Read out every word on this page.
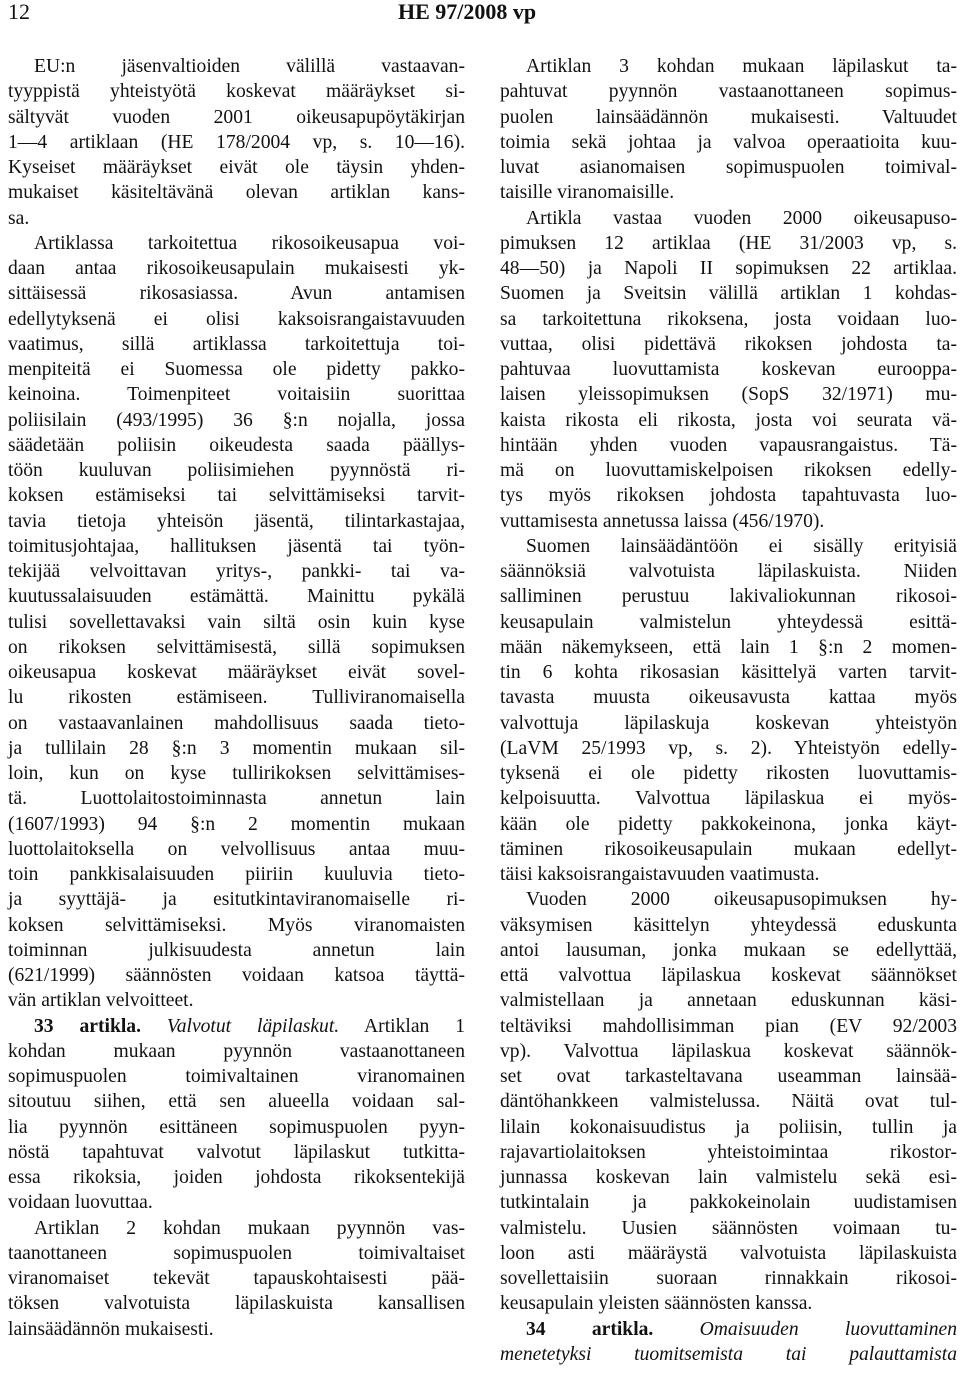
12	HE 97/2008 vp
EU:n jäsenvaltioiden välillä vastaavan-
tyyppistä yhteistyötä koskevat määräykset si-
sältyvät vuoden 2001 oikeusapupöytäkirjan
1—4 artiklaan (HE 178/2004 vp, s. 10—16).
Kyseiset määräykset eivät ole täysin yhden-
mukaiset käsiteltävänä olevan artiklan kans-
sa.
Artiklassa tarkoitettua rikosoikeusapua voi-
daan antaa rikosoikeusapulain mukaisesti yk-
sittäisessä rikosasiassa. Avun antamisen
edellytyksenä ei olisi kaksoisrangaistavuuden
vaatimus, sillä artiklassa tarkoitettuja toi-
menpiteitä ei Suomessa ole pidetty pakko-
keinoina. Toimenpiteet voitaisiin suorittaa
poliisilain (493/1995) 36 §:n nojalla, jossa
säädetään poliisin oikeudesta saada päällys-
töön kuuluvan poliisimiehen pyynnöstä ri-
koksen estämiseksi tai selvittämiseksi tarvit-
tavia tietoja yhteisön jäsentä, tilintarkastajaa,
toimitusjohtajaa, hallituksen jäsentä tai työn-
tekijää velvoittavan yritys-, pankki- tai va-
kuutussalaisuuden estämättä. Mainittu pykälä
tulisi sovellettavaksi vain siltä osin kuin kyse
on rikoksen selvittämisestä, sillä sopimuksen
oikeusapua koskevat määräykset eivät sovel-
lu rikosten estämiseen. Tulliviranomaisella
on vastaavanlainen mahdollisuus saada tieto-
ja tullilain 28 §:n 3 momentin mukaan sil-
loin, kun on kyse tullirikoksen selvittämises-
tä. Luottolaitostoiminnasta annetun lain
(1607/1993) 94 §:n 2 momentin mukaan
luottolaitoksella on velvollisuus antaa muu-
toin pankkisalaisuuden piiriin kuuluvia tieto-
ja syyttäjä- ja esitutkintaviranomaiselle ri-
koksen selvittämiseksi. Myös viranomaisten
toiminnan julkisuudesta annetun lain
(621/1999) säännösten voidaan katsoa täyttä-
vän artiklan velvoitteet.
33 artikla. Valvotut läpilaskut. Artiklan 1
kohdan mukaan pyynnön vastaanottaneen
sopimuspuolen toimivaltainen viranomainen
sitoutuu siihen, että sen alueella voidaan sal-
lia pyynnön esittäneen sopimuspuolen pyyn-
nöstä tapahtuvat valvotut läpilaskut tutkitta-
essa rikoksia, joiden johdosta rikoksentekijä
voidaan luovuttaa.
Artiklan 2 kohdan mukaan pyynnön vas-
taanottaneen sopimuspuolen toimivaltaiset
viranomaiset tekevät tapauskohtaisesti pää-
töksen valvotuista läpilaskuista kansallisen
lainsäädännön mukaisesti.
Artiklan 3 kohdan mukaan läpilaskut ta-
pahtuvat pyynnön vastaanottaneen sopimus-
puolen lainsäädännön mukaisesti. Valtuudet
toimia sekä johtaa ja valvoa operaatioita kuu-
luvat asianomaisen sopimuspuolen toimival-
taisille viranomaisille.
Artikla vastaa vuoden 2000 oikeusapuso-
pimuksen 12 artiklaa (HE 31/2003 vp, s.
48—50) ja Napoli II sopimuksen 22 artiklaa.
Suomen ja Sveitsin välillä artiklan 1 kohdas-
sa tarkoitettuna rikoksena, josta voidaan luo-
vuttaa, olisi pidettävä rikoksen johdosta ta-
pahtuvaa luovuttamista koskevan eurooppa-
laisen yleissopimuksen (SopS 32/1971) mu-
kaista rikosta eli rikosta, josta voi seurata vä-
hintään yhden vuoden vapausrangaistus. Tä-
mä on luovuttamiskelpoisen rikoksen edelly-
tys myös rikoksen johdosta tapahtuvasta luo-
vuttamisesta annetussa laissa (456/1970).
Suomen lainsäädäntöön ei sisälly erityisiä
säännöksiä valvotuista läpilaskuista. Niiden
salliminen perustuu lakivaliokunnan rikosoi-
keusapulain valmistelun yhteydessä esittä-
mään näkemykseen, että lain 1 §:n 2 momen-
tin 6 kohta rikosasian käsittelyä varten tarvit-
tavasta muusta oikeusavusta kattaa myös
valvottuja läpilaskuja koskevan yhteistyön
(LaVM 25/1993 vp, s. 2). Yhteistyön edelly-
tyksenä ei ole pidetty rikosten luovuttamis-
kelpoisuutta. Valvottua läpilaskua ei myös-
kään ole pidetty pakkokeinona, jonka käyt-
täminen rikosoikeusapulain mukaan edellyt-
täisi kaksoisrangaistavuuden vaatimusta.
Vuoden 2000 oikeusapusopimuksen hy-
väksymisen käsittelyn yhteydessä eduskunta
antoi lausuman, jonka mukaan se edellyttää,
että valvottua läpilaskua koskevat säännökset
valmistellaan ja annetaan eduskunnan käsi-
teltäviksi mahdollisimman pian (EV 92/2003
vp). Valvottua läpilaskua koskevat säännök-
set ovat tarkasteltavana useamman lainsää-
däntöhankkeen valmistelussa. Näitä ovat tul-
lilain kokonaisuudistus ja poliisin, tullin ja
rajavartiolaitoksen yhteistoimintaa rikostor-
junnassa koskevan lain valmistelu sekä esi-
tutkintalain ja pakkokeinolain uudistamisen
valmistelu. Uusien säännösten voimaan tu-
loon asti määräystä valvotuista läpilaskuista
sovellettaisiin suoraan rinnakkain rikosoi-
keusapulain yleisten säännösten kanssa.
34 artikla. Omaisuuden luovuttaminen
menetetyksi tuomitsemista tai palauttamista
